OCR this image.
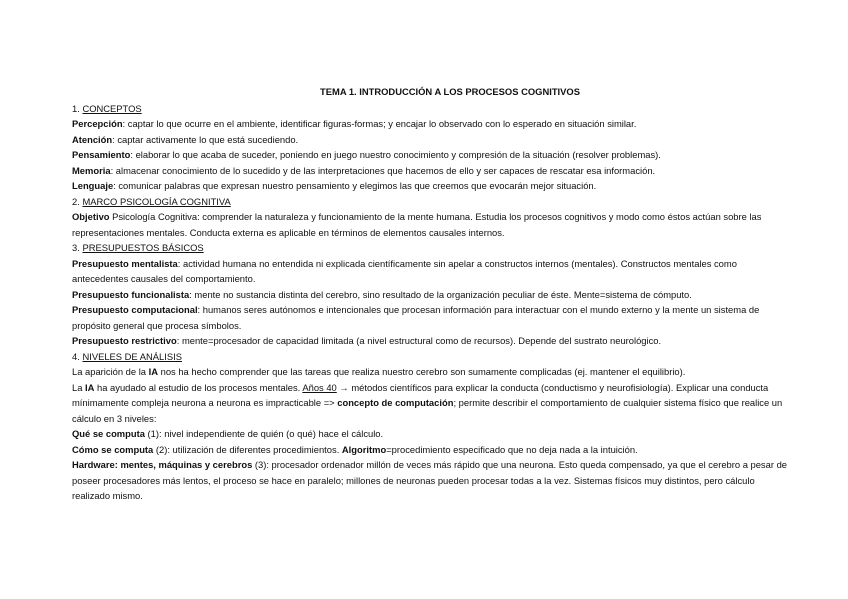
TEMA 1. INTRODUCCIÓN A LOS PROCESOS COGNITIVOS
1. CONCEPTOS
Percepción: captar lo que ocurre en el ambiente, identificar figuras-formas; y encajar lo observado con lo esperado en situación similar.
Atención: captar activamente lo que está sucediendo.
Pensamiento: elaborar lo que acaba de suceder, poniendo en juego nuestro conocimiento y compresión de la situación (resolver problemas).
Memoria: almacenar conocimiento de lo sucedido y de las interpretaciones que hacemos de ello y ser capaces de rescatar esa información.
Lenguaje: comunicar palabras que expresan nuestro pensamiento y elegimos las que creemos que evocarán mejor situación.
2. MARCO PSICOLOGÍA COGNITIVA
Objetivo Psicología Cognitiva: comprender la naturaleza y funcionamiento de la mente humana. Estudia los procesos cognitivos y modo como éstos actúan sobre las representaciones mentales. Conducta externa es aplicable en términos de elementos causales internos.
3. PRESUPUESTOS BÁSICOS
Presupuesto mentalista: actividad humana no entendida ni explicada científicamente sin apelar a constructos internos (mentales). Constructos mentales como antecedentes causales del comportamiento.
Presupuesto funcionalista: mente no sustancia distinta del cerebro, sino resultado de la organización peculiar de éste. Mente=sistema de cómputo.
Presupuesto computacional: humanos seres autónomos e intencionales que procesan información para interactuar con el mundo externo y la mente un sistema de propósito general que procesa símbolos.
Presupuesto restrictivo: mente=procesador de capacidad limitada (a nivel estructural como de recursos). Depende del sustrato neurológico.
4. NIVELES DE ANÁLISIS
La aparición de la IA nos ha hecho comprender que las tareas que realiza nuestro cerebro son sumamente complicadas (ej. mantener el equilibrio).
La IA ha ayudado al estudio de los procesos mentales. Años 40 → métodos científicos para explicar la conducta (conductismo y neurofisiología). Explicar una conducta mínimamente compleja neurona a neurona es impracticable => concepto de computación; permite describir el comportamiento de cualquier sistema físico que realice un cálculo en 3 niveles:
Qué se computa (1): nivel independiente de quién (o qué) hace el cálculo.
Cómo se computa (2): utilización de diferentes procedimientos. Algoritmo=procedimiento especificado que no deja nada a la intuición.
Hardware: mentes, máquinas y cerebros (3): procesador ordenador millón de veces más rápido que una neurona. Esto queda compensado, ya que el cerebro a pesar de poseer procesadores más lentos, el proceso se hace en paralelo; millones de neuronas pueden procesar todas a la vez. Sistemas físicos muy distintos, pero cálculo realizado mismo.
